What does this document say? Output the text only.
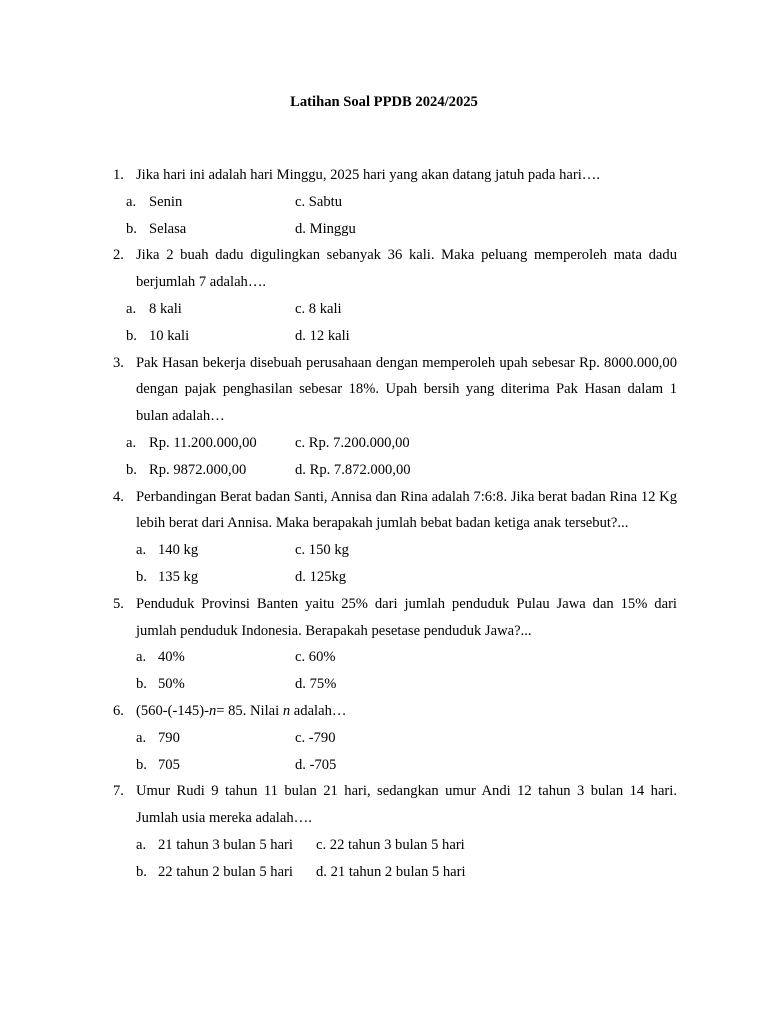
Latihan Soal PPDB 2024/2025
1. Jika hari ini adalah hari Minggu, 2025 hari yang akan datang jatuh pada hari….
a. Senin
b. Selasa
c. Sabtu
d. Minggu
2. Jika 2 buah dadu digulingkan sebanyak 36 kali. Maka peluang memperoleh mata dadu berjumlah 7 adalah….
a. 8 kali
b. 10 kali
c. 8 kali
d. 12 kali
3. Pak Hasan bekerja disebuah perusahaan dengan memperoleh upah sebesar Rp. 8000.000,00 dengan pajak penghasilan sebesar 18%. Upah bersih yang diterima Pak Hasan dalam 1 bulan adalah…
a. Rp. 11.200.000,00
b. Rp. 9872.000,00
c. Rp. 7.200.000,00
d. Rp. 7.872.000,00
4. Perbandingan Berat badan Santi, Annisa dan Rina adalah 7:6:8. Jika berat badan Rina 12 Kg lebih berat dari Annisa. Maka berapakah jumlah bebat badan ketiga anak tersebut?...
a. 140 kg
b. 135 kg
c. 150 kg
d. 125kg
5. Penduduk Provinsi Banten yaitu 25% dari jumlah penduduk Pulau Jawa dan 15% dari jumlah penduduk Indonesia. Berapakah pesetase penduduk Jawa?...
a. 40%
b. 50%
c. 60%
d. 75%
6. (560-(-145)-n= 85. Nilai n adalah…
a. 790
b. 705
c. -790
d. -705
7. Umur Rudi 9 tahun 11 bulan 21 hari, sedangkan umur Andi 12 tahun 3 bulan 14 hari. Jumlah usia mereka adalah….
a. 21 tahun 3 bulan 5 hari
b. 22 tahun 2 bulan 5 hari
c. 22 tahun 3 bulan 5 hari
d. 21 tahun 2 bulan 5 hari
